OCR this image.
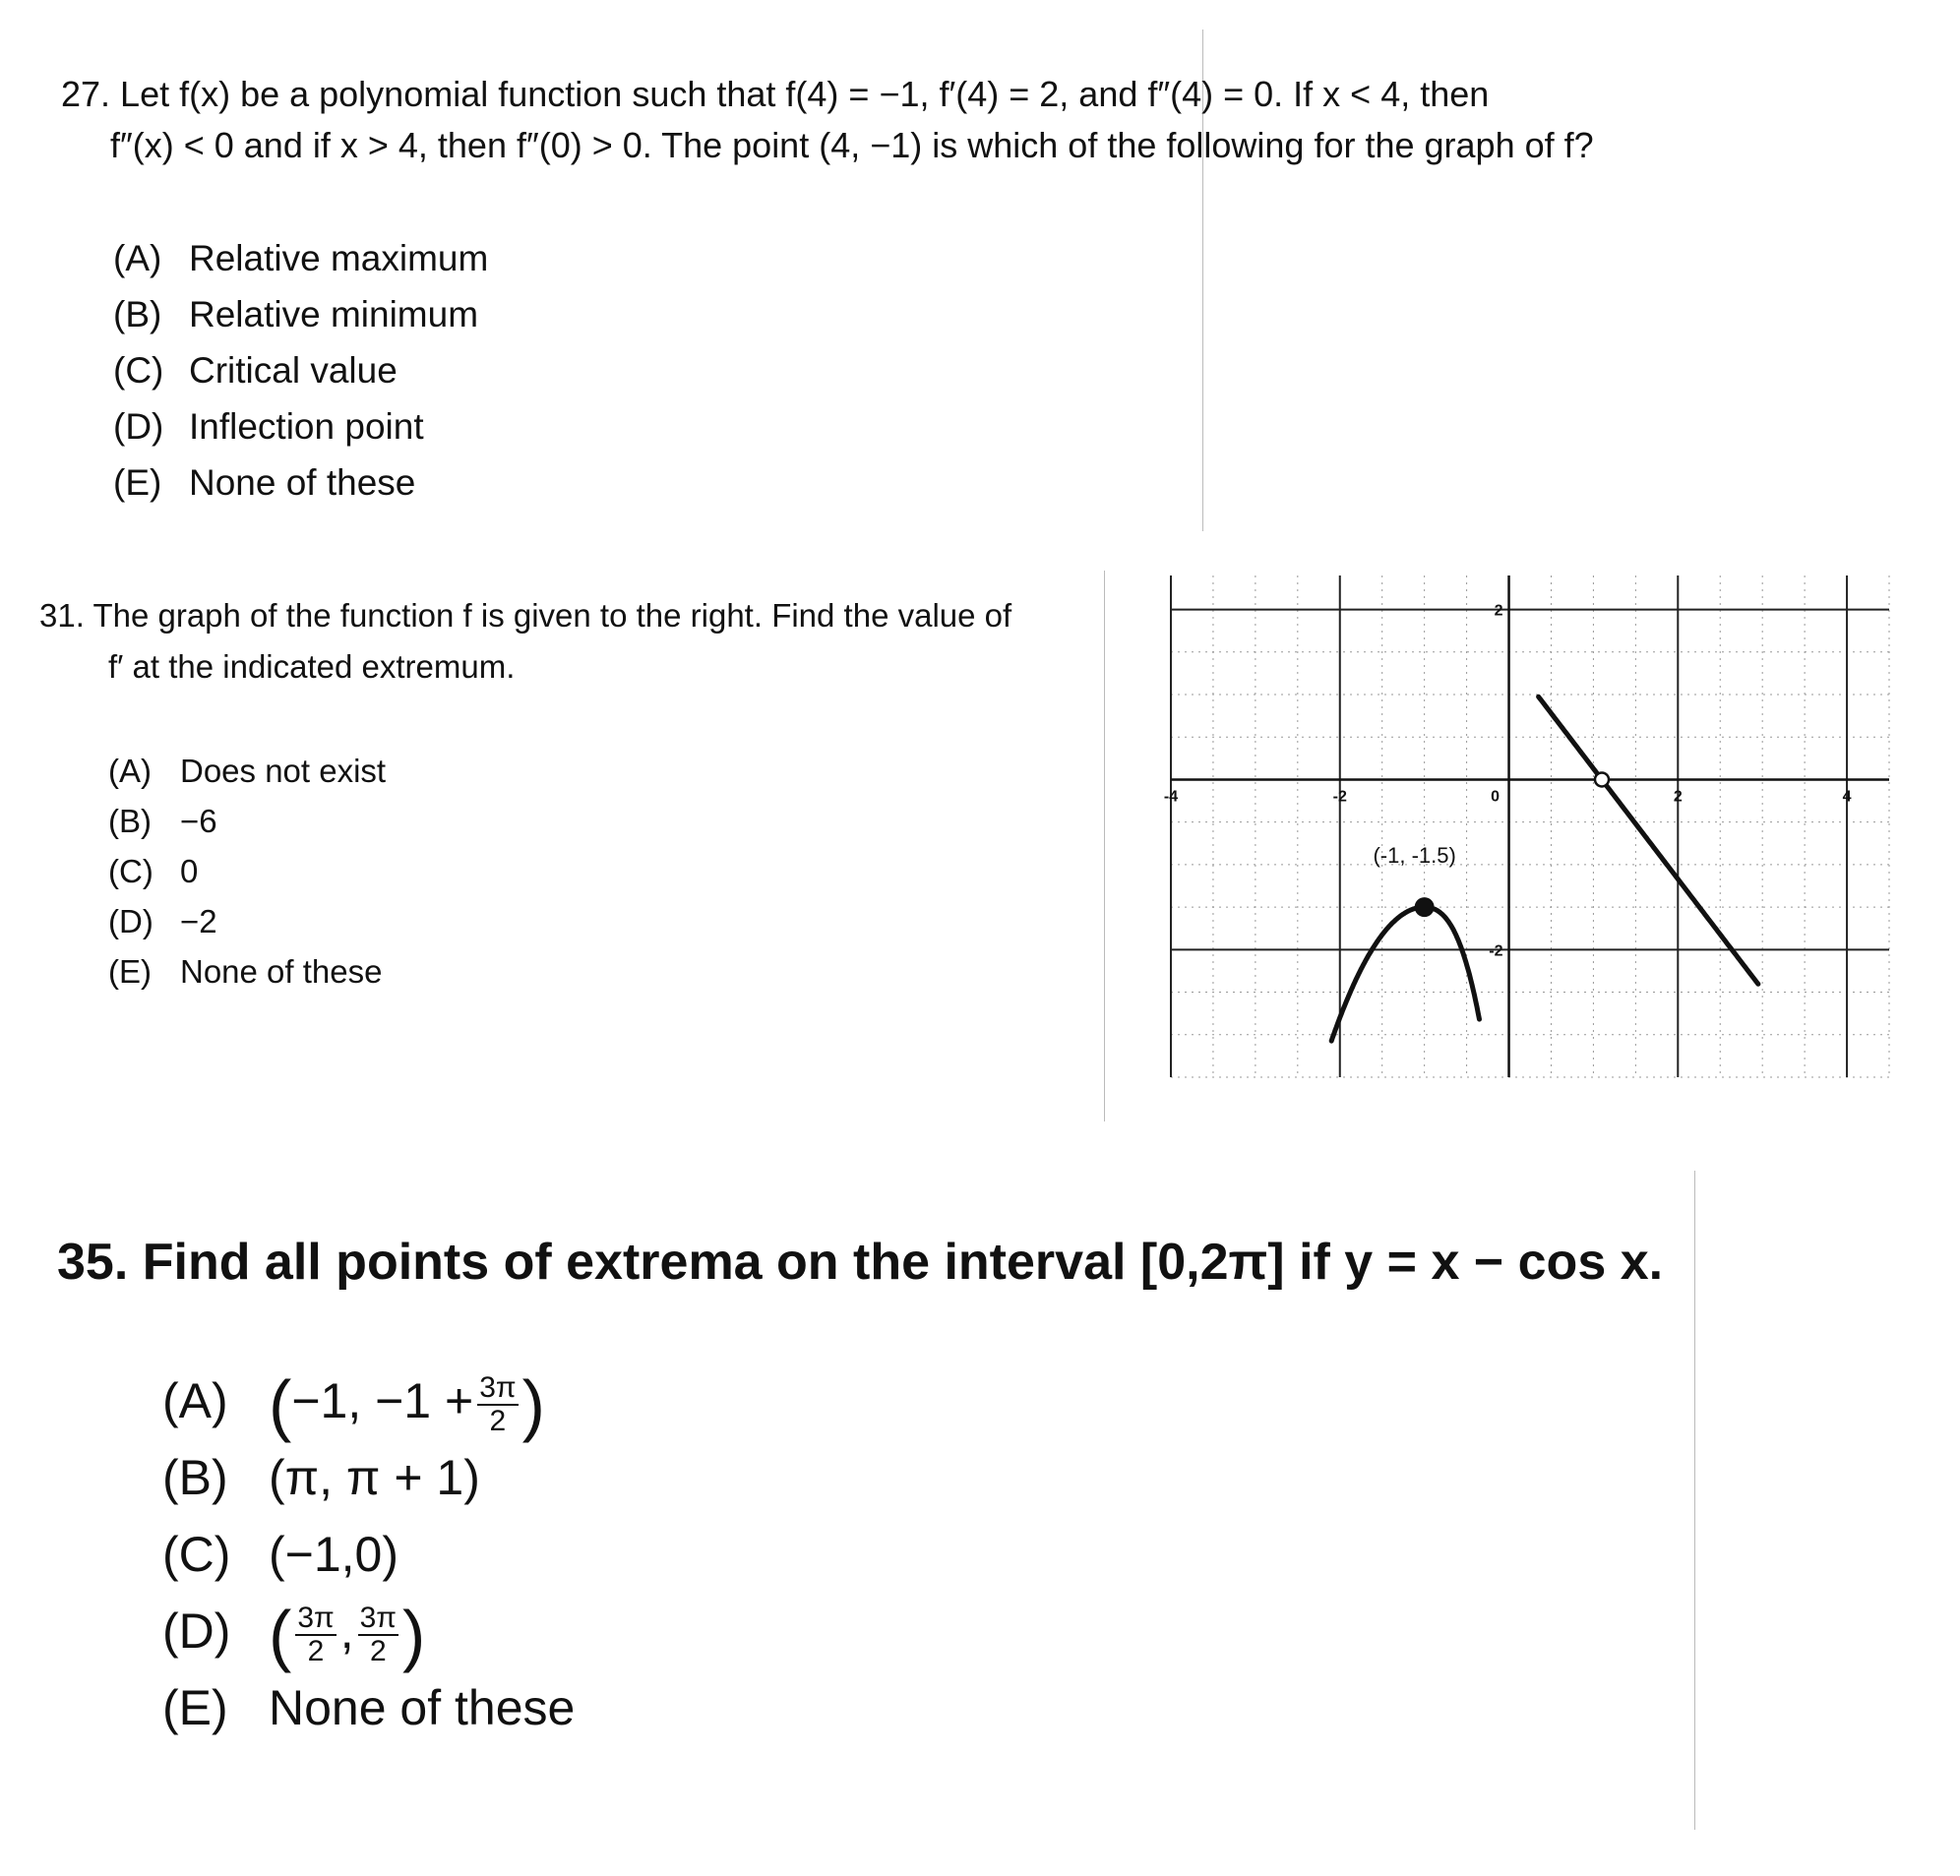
27. Let f(x) be a polynomial function such that f(4) = −1, f′(4) = 2, and f″(4) = 0. If x < 4, then
f″(x) < 0 and if x > 4, then f″(0) > 0. The point (4, −1) is which of the following for the graph of f?
(A) Relative maximum
(B) Relative minimum
(C) Critical value
(D) Inflection point
(E) None of these
31. The graph of the function f is given to the right. Find the value of
f′ at the indicated extremum.
(A) Does not exist
(B) −6
(C) 0
(D) −2
(E) None of these
-4	-2	0	2	4
2
-2
(-1, -1.5)
35. Find all points of extrema on the interval [0,2π] if y = x − cos x.
(A) (−1, $-1 + \frac{3\pi}{2}$ )
(B) (π, π + 1)
(C) (−1,0)
(D) ( $\frac{3\pi}{2}$ , $\frac{3\pi}{2}$ )
(E) None of these
